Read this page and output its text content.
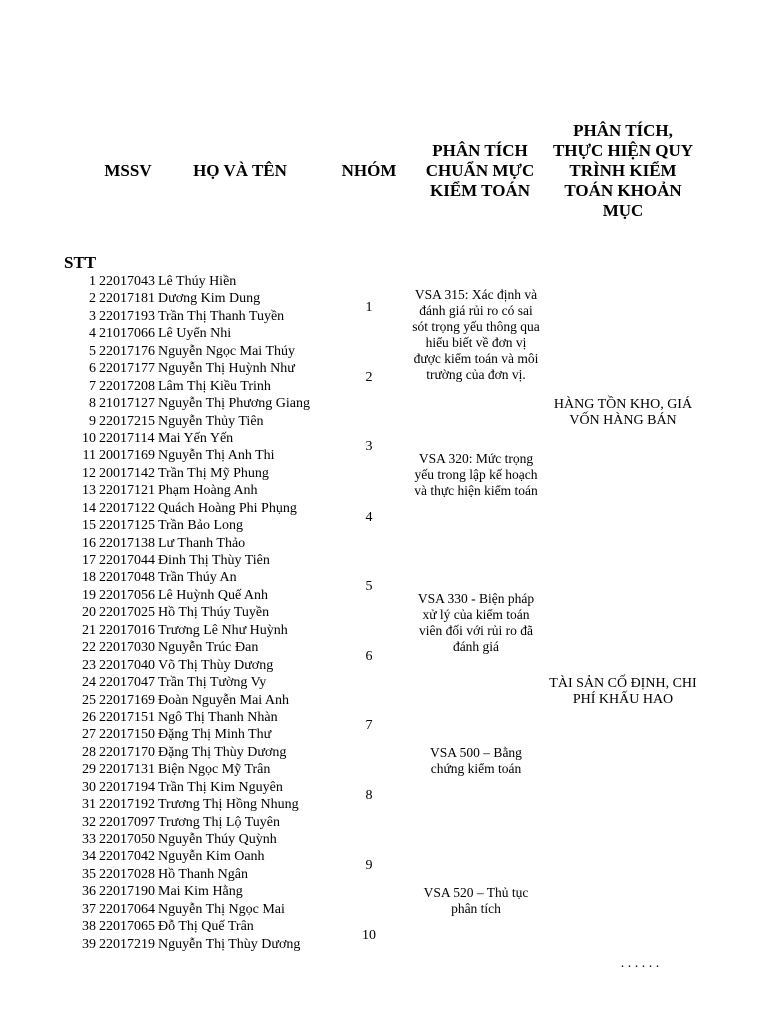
MSSV	HỌ VÀ TÊN	NHÓM
PHÂN TÍCH CHUẨN MỰC KIỂM TOÁN
PHÂN TÍCH, THỰC HIỆN QUY TRÌNH KIỂM TOÁN KHOẢN MỤC
STT
1 22017043 Lê Thúy Hiền
2 22017181 Dương Kim Dung
3 22017193 Trần Thị Thanh Tuyền
4 21017066 Lê Uyển Nhi
5 22017176 Nguyễn Ngọc Mai Thúy
6 22017177 Nguyễn Thị Huỳnh Như
7 22017208 Lâm Thị Kiều Trinh
8 21017127 Nguyễn Thị Phương Giang
9 22017215 Nguyễn Thủy Tiên
10 22017114 Mai Yến Yến
11 20017169 Nguyễn Thị Anh Thi
12 20017142 Trần Thị Mỹ Phung
13 22017121 Phạm Hoàng Anh
14 22017122 Quách Hoàng Phi Phụng
15 22017125 Trần Bảo Long
16 22017138 Lư Thanh Thảo
17 22017044 Đinh Thị Thùy Tiên
18 22017048 Trần Thúy An
19 22017056 Lê Huỳnh Quế Anh
20 22017025 Hồ Thị Thúy Tuyền
21 22017016 Trương Lê Như Huỳnh
22 22017030 Nguyễn Trúc Đan
23 22017040 Võ Thị Thùy Dương
24 22017047 Trần Thị Tường Vy
25 22017169 Đoàn Nguyễn Mai Anh
26 22017151 Ngô Thị Thanh Nhàn
27 22017150 Đặng Thị Minh Thư
28 22017170 Đặng Thị Thùy Dương
29 22017131 Biện Ngọc Mỹ Trân
30 22017194 Trần Thị Kim Nguyên
31 22017192 Trương Thị Hồng Nhung
32 22017097 Trương Thị Lộ Tuyên
33 22017050 Nguyễn Thúy Quỳnh
34 22017042 Nguyễn Kim Oanh
35 22017028 Hồ Thanh Ngân
36 22017190 Mai Kim Hằng
37 22017064 Nguyễn Thị Ngọc Mai
38 22017065 Đỗ Thị Quế Trân
39 22017219 Nguyễn Thị Thùy Dương
1
2
3
4
5
6
7
8
9
10
VSA 315: Xác định và đánh giá rủi ro có sai sót trọng yếu thông qua hiểu biết về đơn vị được kiểm toán và môi trường của đơn vị.
VSA 320: Mức trọng yếu trong lập kế hoạch và thực hiện kiểm toán
VSA 330 - Biện pháp xử lý của kiểm toán viên đối với rủi ro đã đánh giá
VSA 500 – Bằng chứng kiểm toán
VSA 520 – Thủ tục phân tích
HÀNG TỒN KHO, GIÁ VỐN HÀNG BÁN
TÀI SẢN CỐ ĐỊNH, CHI PHÍ KHẤU HAO
. . . . . .
